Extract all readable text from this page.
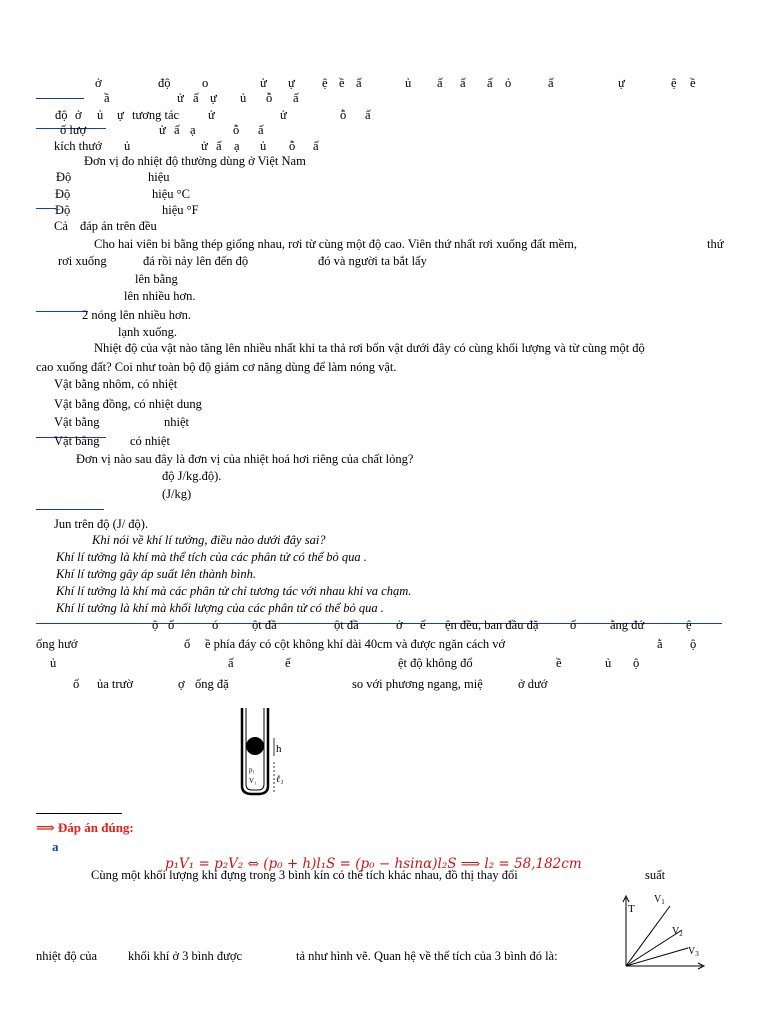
⟹ Đáp án đúng:
a
p₁V₁ = p₂V₂ ⇔ (p₀ + h)l₁S = (p₀ − hsinα)l₂S ⟹ l₂ = 58,182cm
h
p₁
V₁ ℓ₁
T
$V_1$
$V_2$
$V_3$
ở	độ	o	ử ự ệ ề ấ	ủ ấ ấ ấ ỏ	ấ	ự	ệ ề
ầ	ử ấ ự ủ ỗ ấ
độ ở ủ ự tương tác ử	ử	ỗ ấ
ố lượ	ử ấ ạ	ỗ ấ
kích thướ ủ	ử ấ ạ ủ ỗ ấ
Đơn vị đo nhiệt độ thường dùng ở Việt Nam
Độ	hiệu
Độ	hiệu °C
Độ	hiệu °F
Cả đáp án trên đều
Cho hai viên bi bằng thép giống nhau, rơi từ cùng một độ cao. Viên thứ nhất rơi xuống đất mềm,	thứ
rơi xuống	đá rồi nảy lên đến độ	đó và người ta bắt lấy
lên bằng
lên nhiều hơn.
2 nóng lên nhiều hơn.
lạnh xuống.
Nhiệt độ của vật nào tăng lên nhiều nhất khi ta thả rơi bốn vật dưới đây có cùng khối lượng và từ cùng một độ
cao xuống đất? Coi như toàn bộ độ giảm cơ năng dùng để làm nóng vật.
Vật bằng nhôm, có nhiệt
Vật bằng đồng, có nhiệt dung
Vật bằng	nhiệt
Vật bằng có nhiệt
Đơn vị nào sau đây là đơn vị của nhiệt hoá hơi riêng của chất lỏng?
độ J/kg.độ).
(J/kg)
Jun trên độ (J/ độ).
Khi nói về khí lí tưởng, điều nào dưới đây sai?
Khí lí tưởng là khí mà thể tích của các phân tử có thể bỏ qua .
Khí lí tưởng gây áp suất lên thành bình.
Khí lí tưởng là khí mà các phân tử chỉ tương tác với nhau khi va chạm.
Khí lí tưởng là khí mà khối lượng của các phân tử có thể bỏ qua .
ộ ố	ó	ột đầ	ột đầ	ở ế ện đều, ban đầu đặ	ố	ằng đứ	ệ
ống hướ	ố ề phía đáy có cột không khí dài 40cm và được ngăn cách vớ	ằ ộ
ủ	ấ	ế	ệt độ không đổ	ề	ủ ộ
ố ủa trườ	ợ ống đặ	so với phương ngang, miệ	ở dướ
Cùng một khối lượng khí đựng trong 3 bình kín có thể tích khác nhau, đồ thị thay đổi	suất
nhiệt độ của khối khí ở 3 bình được	tả như hình vẽ. Quan hệ về thể tích của 3 bình đó là:
